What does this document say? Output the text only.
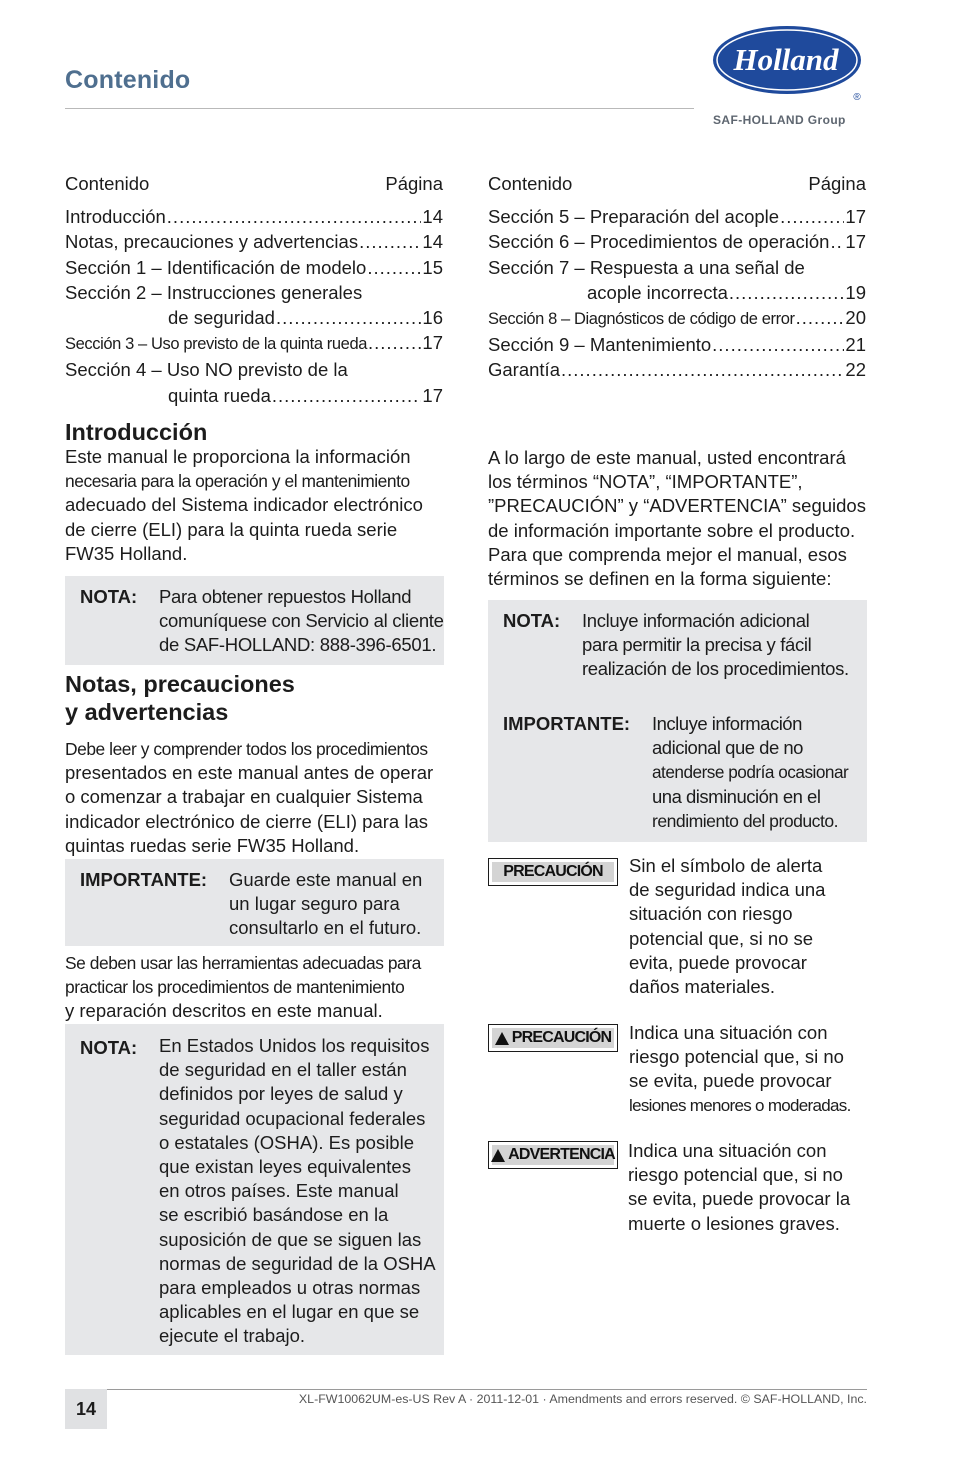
Contenido
Holland
®
SAF-HOLLAND Group
Contenido	Página
Introducción .....	14
Notas, precauciones y advertencias .....	14
Sección 1 – Identificación de modelo .....	15
Sección 2 – Instrucciones generales
de seguridad .....	16
Sección 3 – Uso previsto de la quinta rueda .....	17
Sección 4 – Uso NO previsto de la
quinta rueda .....	17
Contenido	Página
Sección 5 – Preparación del acople .....	17
Sección 6 – Procedimientos de operación ..... 17
Sección 7 – Respuesta a una señal de
acople incorrecta .....	19
Sección 8 – Diagnósticos de código de error .....	20
Sección 9 – Mantenimiento .....	21
Garantía .....	22
Introducción

Este manual le proporciona la información

necesaria para la operación y el mantenimiento

adecuado del Sistema indicador electrónico

de cierre (ELI) para la quinta rueda serie

FW35 Holland.

NOTA: Para obtener repuestos Holland
comuníquese con Servicio al cliente
de SAF-HOLLAND: 888-396-6501.
Notas, precauciones
y advertencias

Debe leer y comprender todos los procedimientos

presentados en este manual antes de operar

o comenzar a trabajar en cualquier Sistema

indicador electrónico de cierre (ELI) para las

quintas ruedas serie FW35 Holland.

IMPORTANTE: Guarde este manual en
un lugar seguro para
consultarlo en el futuro.

Se deben usar las herramientas adecuadas para

practicar los procedimientos de mantenimiento

y reparación descritos en este manual.

NOTA: En Estados Unidos los requisitos
de seguridad en el taller están
definidos por leyes de salud y
seguridad ocupacional federales
o estatales (OSHA). Es posible
que existan leyes equivalentes
en otros países. Este manual
se escribió basándose en la
suposición de que se siguen las
normas de seguridad de la OSHA
para empleados u otras normas
aplicables en el lugar en que se
ejecute el trabajo.

A lo largo de este manual, usted encontrará

los términos “NOTA”, “IMPORTANTE”,

”PRECAUCIÓN” y “ADVERTENCIA” seguidos

de información importante sobre el producto.

Para que comprenda mejor el manual, esos

términos se definen en la forma siguiente:

NOTA: Incluye información adicional
para permitir la precisa y fácil
realización de los procedimientos.
IMPORTANTE: Incluye información
adicional que de no
atenderse podría ocasionar
una disminución en el
rendimiento del producto.
PRECAUCIÓN Sin el símbolo de alerta
de seguridad indica una
situación con riesgo
potencial que, si no se
evita, puede provocar
daños materiales.
PRECAUCIÓN Indica una situación con
riesgo potencial que, si no
se evita, puede provocar
lesiones menores o moderadas.
ADVERTENCIA Indica una situación con
riesgo potencial que, si no
se evita, puede provocar la
muerte o lesiones graves.
14	XL-FW10062UM-es-US Rev A · 2011-12-01 · Amendments and errors reserved. © SAF-HOLLAND, Inc.
